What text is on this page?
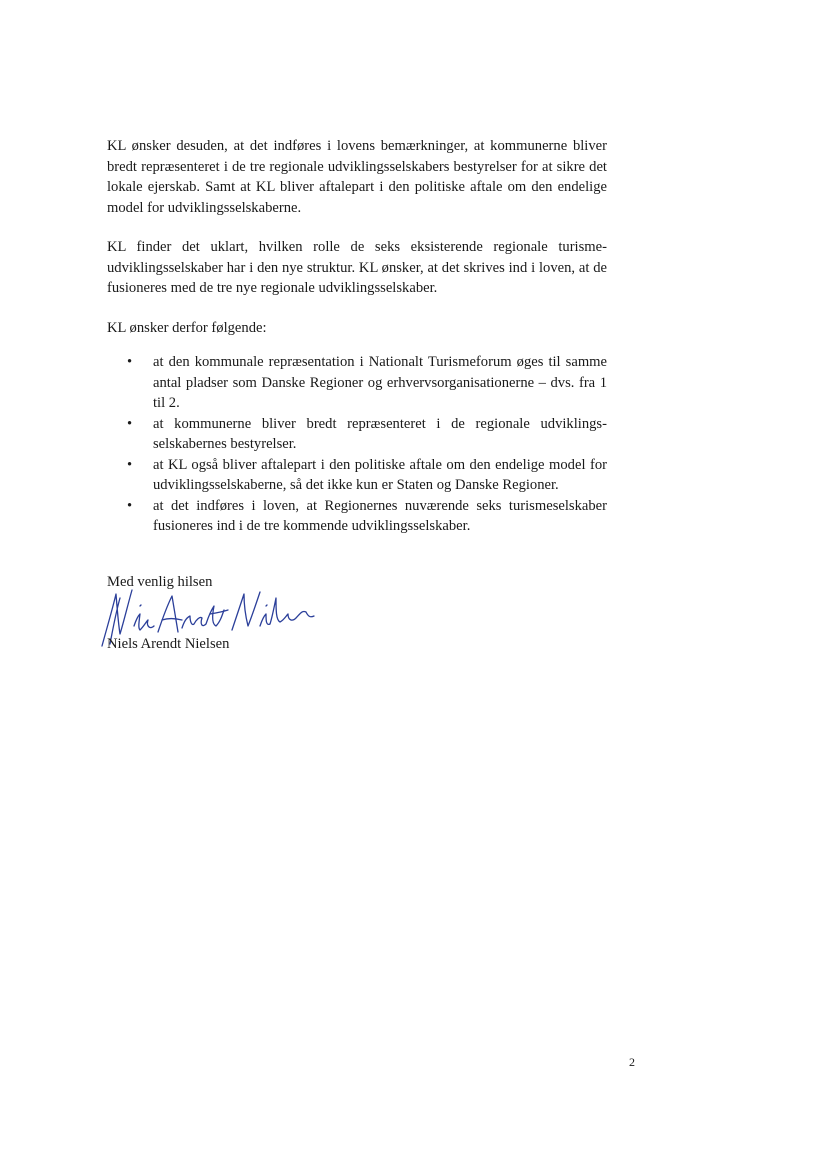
KL ønsker desuden, at det indføres i lovens bemærkninger, at kommunerne bliver bredt repræsenteret i de tre regionale udviklingsselskabers bestyrelser for at sikre det lokale ejerskab. Samt at KL bliver aftalepart i den politiske aftale om den endelige model for udviklingsselskaberne.
KL finder det uklart, hvilken rolle de seks eksisterende regionale turismeudviklingsselskaber har i den nye struktur. KL ønsker, at det skrives ind i loven, at de fusioneres med de tre nye regionale udviklingsselskaber.
KL ønsker derfor følgende:
• at den kommunale repræsentation i Nationalt Turismeforum øges til samme antal pladser som Danske Regioner og erhvervsorganisationerne – dvs. fra 1 til 2.
• at kommunerne bliver bredt repræsenteret i de regionale udviklingsselskabernes bestyrelser.
• at KL også bliver aftalepart i den politiske aftale om den endelige model for udviklingsselskaberne, så det ikke kun er Staten og Danske Regioner.
• at det indføres i loven, at Regionernes nuværende seks turismeselskaber fusioneres ind i de tre kommende udviklingsselskaber.
Med venlig hilsen
Niels Arendt Nielsen
2
